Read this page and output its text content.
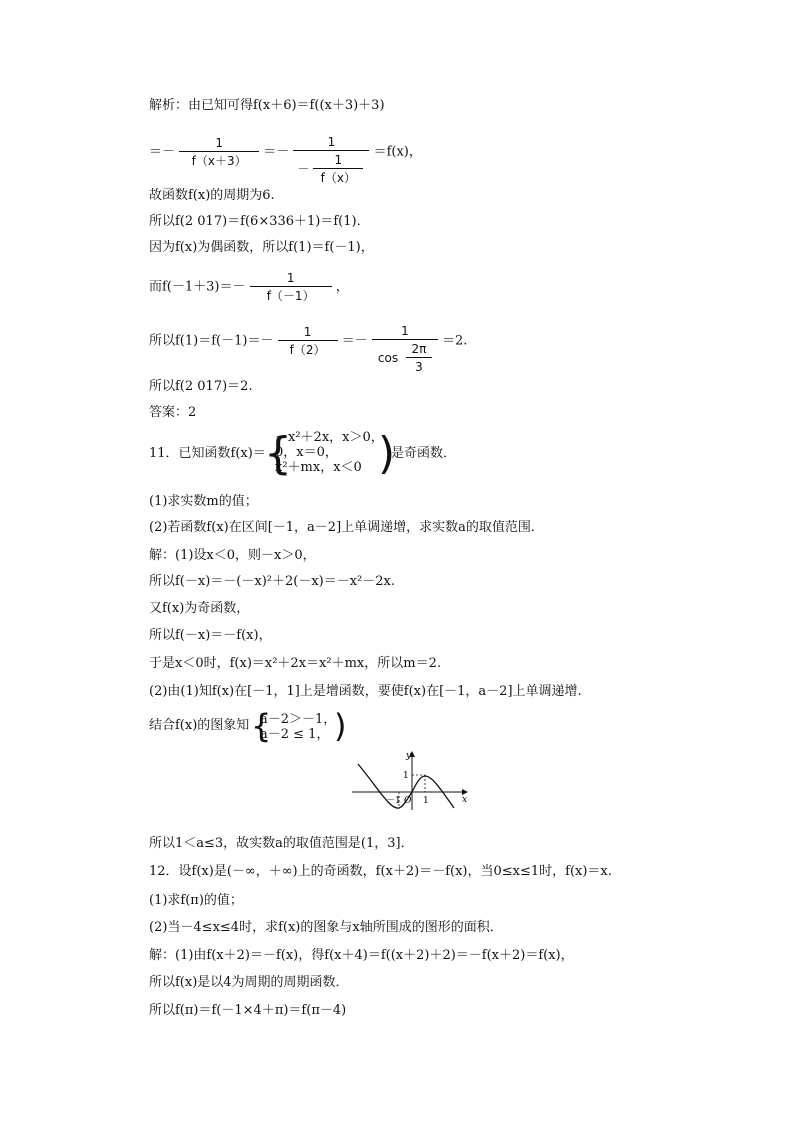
解析：由已知可得f(x＋6)＝f((x＋3)＋3)
＝－ $\frac{1}{f(x+3)} =- \frac{1}{- \frac{1}{f(x)}} =f(x)$，
故函数f(x)的周期为6.
所以f(2 017)＝f(6×336＋1)＝f(1)．
因为f(x)为偶函数，所以f(1)＝f(－1)，
而$f(-1+3)=- \frac{1}{f(-1)}$ ，
所以$f(1)=f(-1)=- \frac{1}{f(2)} =- \frac{1}{\cos \frac{2\pi}{3}} =2$.
所以f(2 017)＝2.
答案：2
11．已知函数f(x)＝
{
－x²＋2x，x＞0，
0，x＝0，
x²＋mx，x＜0 )
是奇函数．
(1)求实数m的值；
(2)若函数f(x)在区间[－1，a－2]上单调递增，求实数a的取值范围．
解：(1)设x＜0，则－x＞0，
所以f(－x)＝－(－x)²＋2(－x)＝－x²－2x.
又f(x)为奇函数，
所以f(－x)＝－f(x)，
于是x＜0时，f(x)＝x²＋2x＝x²＋mx，所以m＝2.
(2)由(1)知f(x)在[－1，1]上是增函数，要使f(x)在[－1，a－2]上单调递增.
结合f(x)的图象知 {
a－2＞－1，
a－2 ≤ 1， )
y
x
1
－1 O 1
所以1＜a≤3，故实数a的取值范围是(1，3]．
12．设f(x)是(－∞，＋∞)上的奇函数，f(x＋2)＝－f(x)，当0≤x≤1时，f(x)＝x.
(1)求f(π)的值；
(2)当－4≤x≤4时，求f(x)的图象与x轴所围成的图形的面积．
解：(1)由f(x＋2)＝－f(x)，得f(x＋4)＝f((x＋2)＋2)＝－f(x＋2)＝f(x)，
所以f(x)是以4为周期的周期函数．
所以f(π)＝f(－1×4＋π)＝f(π－4)
